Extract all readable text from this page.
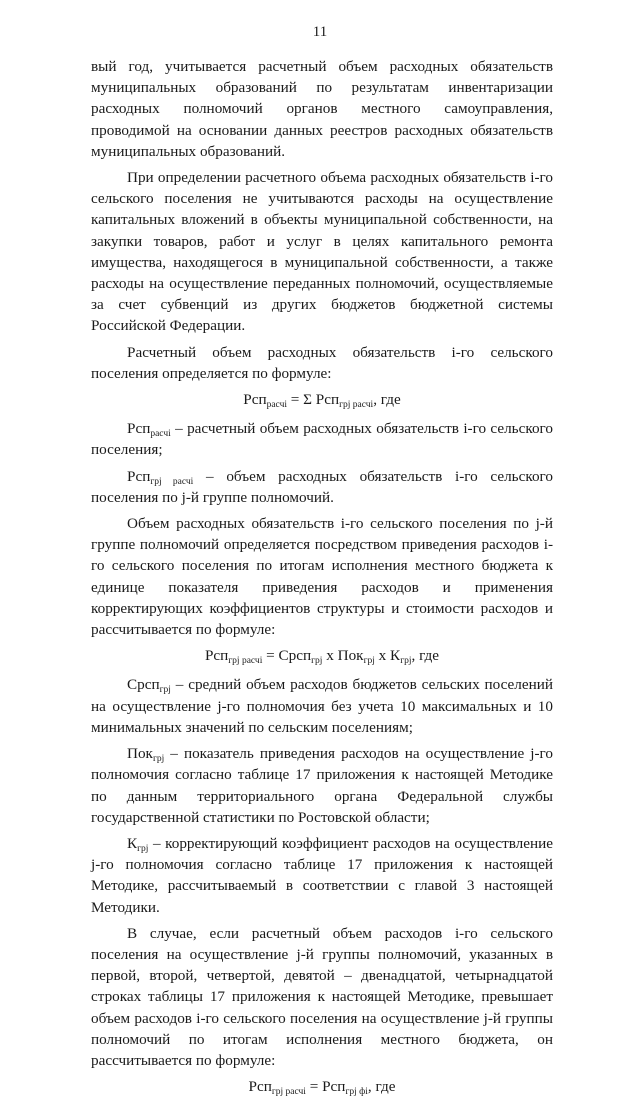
11

вый год, учитывается расчетный объем расходных обязательств муниципальных образований по результатам инвентаризации расходных полномочий органов местного самоуправления, проводимой на основании данных реестров расходных обязательств муниципальных образований.

При определении расчетного объема расходных обязательств i-го сельского поселения не учитываются расходы на осуществление капитальных вложений в объекты муниципальной собственности, на закупки товаров, работ и услуг в целях капитального ремонта имущества, находящегося в муниципальной собственности, а также расходы на осуществление переданных полномочий, осуществляемые за счет субвенций из других бюджетов бюджетной системы Российской Федерации.

Расчетный объем расходных обязательств i-го сельского поселения определяется по формуле:

Рсп$_{расчi}$ = Σ Рсп$_{грj расчi}$, где

Рсп$_{расчi}$ – расчетный объем расходных обязательств i-го сельского поселения;

Рсп$_{грj расчi}$ – объем расходных обязательств i-го сельского поселения по j-й группе полномочий.

Объем расходных обязательств i-го сельского поселения по j-й группе полномочий определяется посредством приведения расходов i-го сельского поселения по итогам исполнения местного бюджета к единице показателя приведения расходов и применения корректирующих коэффициентов структуры и стоимости расходов и рассчитывается по формуле:

Рсп$_{грj расчi}$ = Срсп$_{грj}$ х Пок$_{грj}$ х $К_{грj}$, где

Срсп$_{грj}$ – средний объем расходов бюджетов сельских поселений на осуществление j-го полномочия без учета 10 максимальных и 10 минимальных значений по сельским поселениям;

Пок$_{грj}$ – показатель приведения расходов на осуществление j-го полномочия согласно таблице 17 приложения к настоящей Методике по данным территориального органа Федеральной службы государственной статистики по Ростовской области;

$К_{грj}$ – корректирующий коэффициент расходов на осуществление j-го полномочия согласно таблице 17 приложения к настоящей Методике, рассчитываемый в соответствии с главой 3 настоящей Методики.

В случае, если расчетный объем расходов i-го сельского поселения на осуществление j-й группы полномочий, указанных в первой, второй, четвертой, девятой – двенадцатой, четырнадцатой строках таблицы 17 приложения к настоящей Методике, превышает объем расходов i-го сельского поселения на осуществление j-й группы полномочий по итогам исполнения местного бюджета, он рассчитывается по формуле:

Рсп$_{грj расчi}$ = Рсп$_{грj фi}$, где
